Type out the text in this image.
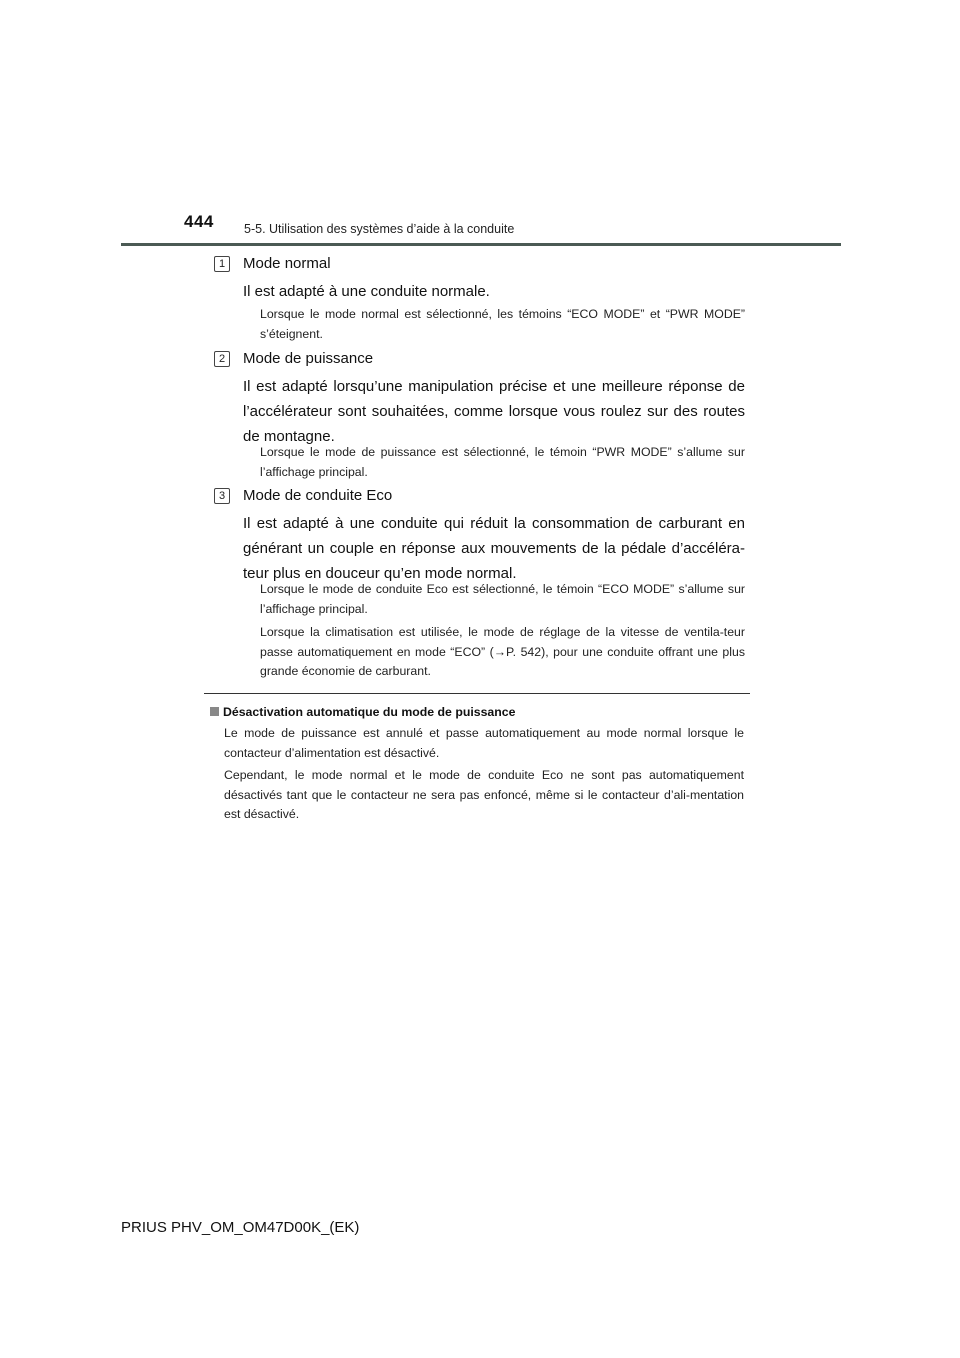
444 5-5. Utilisation des systèmes d’aide à la conduite
1	Mode normal

Il est adapté à une conduite normale.

Lorsque le mode normal est sélectionné, les témoins “ECO MODE” et “PWR MODE” s’éteignent.

2	Mode de puissance

Il est adapté lorsqu’une manipulation précise et une meilleure réponse de l’accélérateur sont souhaitées, comme lorsque vous roulez sur des routes de montagne.

Lorsque le mode de puissance est sélectionné, le témoin “PWR MODE” s’allume sur l’affichage principal.

3	Mode de conduite Eco

Il est adapté à une conduite qui réduit la consommation de carburant en générant un couple en réponse aux mouvements de la pédale d’accéléra-teur plus en douceur qu’en mode normal.

Lorsque le mode de conduite Eco est sélectionné, le témoin “ECO MODE” s’allume sur l’affichage principal.

Lorsque la climatisation est utilisée, le mode de réglage de la vitesse de ventila-teur passe automatiquement en mode “ECO” (→P. 542), pour une conduite offrant une plus grande économie de carburant.

Désactivation automatique du mode de puissance

Le mode de puissance est annulé et passe automatiquement au mode normal lorsque le contacteur d’alimentation est désactivé.

Cependant, le mode normal et le mode de conduite Eco ne sont pas automatiquement désactivés tant que le contacteur ne sera pas enfoncé, même si le contacteur d’ali-mentation est désactivé.

PRIUS PHV_OM_OM47D00K_(EK)
